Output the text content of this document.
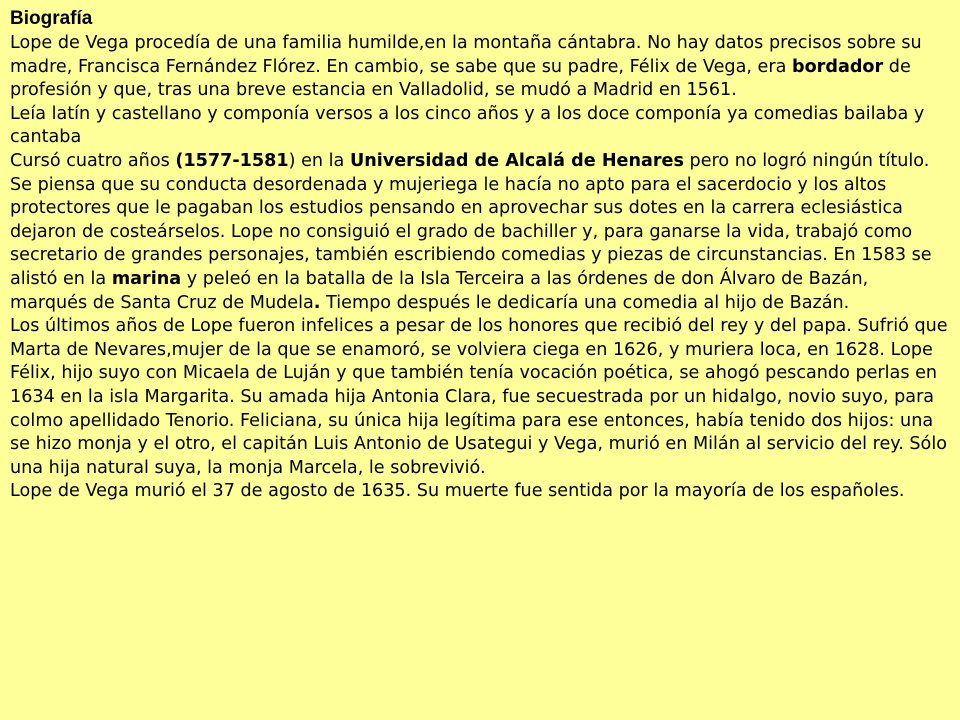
Biografía

Lope de Vega procedía de una familia humilde,en la montaña cántabra. No hay datos precisos sobre su madre, Francisca Fernández Flórez. En cambio, se sabe que su padre, Félix de Vega, era bordador de profesión y que, tras una breve estancia en Valladolid, se mudó a Madrid en 1561.

Leía latín y castellano y componía versos a los cinco años y a los doce componía ya comedias bailaba y cantaba

Cursó cuatro años (1577-1581) en la Universidad de Alcalá de Henares pero no logró ningún título. Se piensa que su conducta desordenada y mujeriega le hacía no apto para el sacerdocio y los altos protectores que le pagaban los estudios pensando en aprovechar sus dotes en la carrera eclesiástica dejaron de costeárselos. Lope no consiguió el grado de bachiller y, para ganarse la vida, trabajó como secretario de grandes personajes, también escribiendo comedias y piezas de circunstancias. En 1583 se alistó en la marina y peleó en la batalla de la Isla Terceira a las órdenes de don Álvaro de Bazán, marqués de Santa Cruz de Mudela. Tiempo después le dedicaría una comedia al hijo de Bazán.

Los últimos años de Lope fueron infelices a pesar de los honores que recibió del rey y del papa. Sufrió que Marta de Nevares,mujer de la que se enamoró, se volviera ciega en 1626, y muriera loca, en 1628. Lope Félix, hijo suyo con Micaela de Luján y que también tenía vocación poética, se ahogó pescando perlas en 1634 en la isla Margarita. Su amada hija Antonia Clara, fue secuestrada por un hidalgo, novio suyo, para colmo apellidado Tenorio. Feliciana, su única hija legítima para ese entonces, había tenido dos hijos: una se hizo monja y el otro, el capitán Luis Antonio de Usategui y Vega, murió en Milán al servicio del rey. Sólo una hija natural suya, la monja Marcela, le sobrevivió.

Lope de Vega murió el 37 de agosto de 1635. Su muerte fue sentida por la mayoría de los españoles.
